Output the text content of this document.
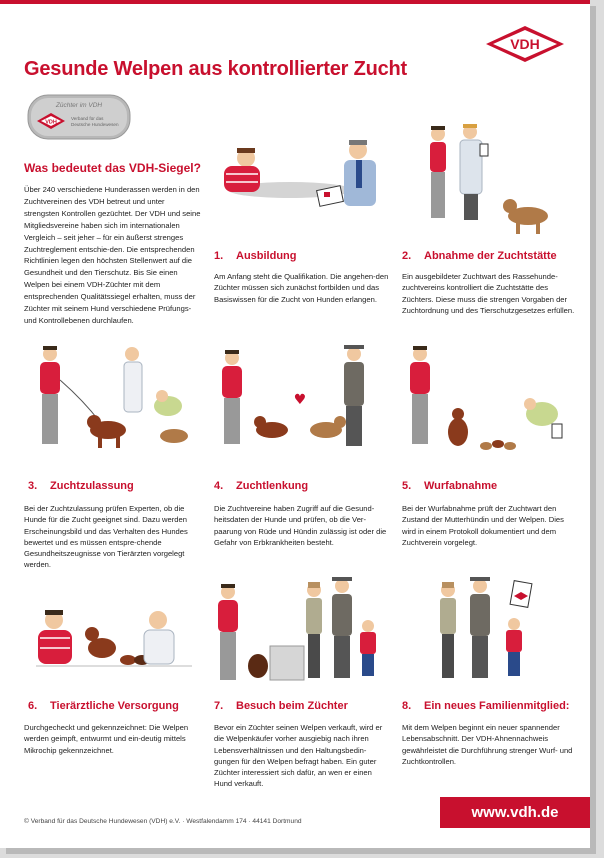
VDH
Gesunde Welpen aus kontrollierter Zucht
Züchter im VDH
VDH
Verband für das
Deutsche Hundewesen
Was bedeutet das VDH-Siegel?
Über 240 verschiedene Hunderassen werden in den Zuchtvereinen des VDH betreut und unter strengsten Kontrollen gezüchtet. Der VDH und seine Mitgliedsvereine haben sich im internationalen Vergleich – seit jeher – für ein äußerst strenges Zuchtreglement entschie-den. Die entsprechenden Richtlinien legen den höchsten Stellenwert auf die Gesundheit und den Tierschutz. Bis Sie einen Welpen bei einem VDH-Züchter mit dem entsprechenden Qualitätssiegel erhalten, muss der Züchter mit seinem Hund verschiedene Prüfungs- und Kontrollebenen durchlaufen.
1. Ausbildung
Am Anfang steht die Qualifikation. Die angehen-den Züchter müssen sich zunächst fortbilden und das Basiswissen für die Zucht von Hunden erlangen.
2. Abnahme der Zuchtstätte
Ein ausgebildeter Zuchtwart des Rassehunde-zuchtvereins kontrolliert die Zuchtstätte des Züchters. Diese muss die strengen Vorgaben der Zuchtordnung und des Tierschutzgesetzes erfüllen.
♥
3. Zuchtzulassung
Bei der Zuchtzulassung prüfen Experten, ob die Hunde für die Zucht geeignet sind. Dazu werden Erscheinungsbild und das Verhalten des Hundes bewertet und es müssen entspre-chende Gesundheitszeugnisse von Tierärzten vorgelegt werden.
4. Zuchtlenkung
Die Zuchtvereine haben Zugriff auf die Gesund-heitsdaten der Hunde und prüfen, ob die Ver-paarung von Rüde und Hündin zulässig ist oder die Gefahr von Erbkrankheiten besteht.
5. Wurfabnahme
Bei der Wurfabnahme prüft der Zuchtwart den Zustand der Mutterhündin und der Welpen. Dies wird in einem Protokoll dokumentiert und dem Zuchtverein vorgelegt.
6. Tierärztliche Versorgung
Durchgecheckt und gekennzeichnet: Die Welpen werden geimpft, entwurmt und ein-deutig mittels Mikrochip gekennzeichnet.
7. Besuch beim Züchter
Bevor ein Züchter seinen Welpen verkauft, wird er die Welpenkäufer vorher ausgiebig nach ihren Lebensverhältnissen und den Haltungsbedin-gungen für den Welpen befragt haben. Ein guter Züchter interessiert sich dafür, an wen er einen Hund verkauft.
8. Ein neues Familienmitglied:
Mit dem Welpen beginnt ein neuer spannender Lebensabschnitt. Der VDH-Ahnennachweis gewährleistet die Durchführung strenger Wurf- und Zuchtkontrollen.
© Verband für das Deutsche Hundewesen (VDH) e.V. · Westfalendamm 174 · 44141 Dortmund
www.vdh.de
